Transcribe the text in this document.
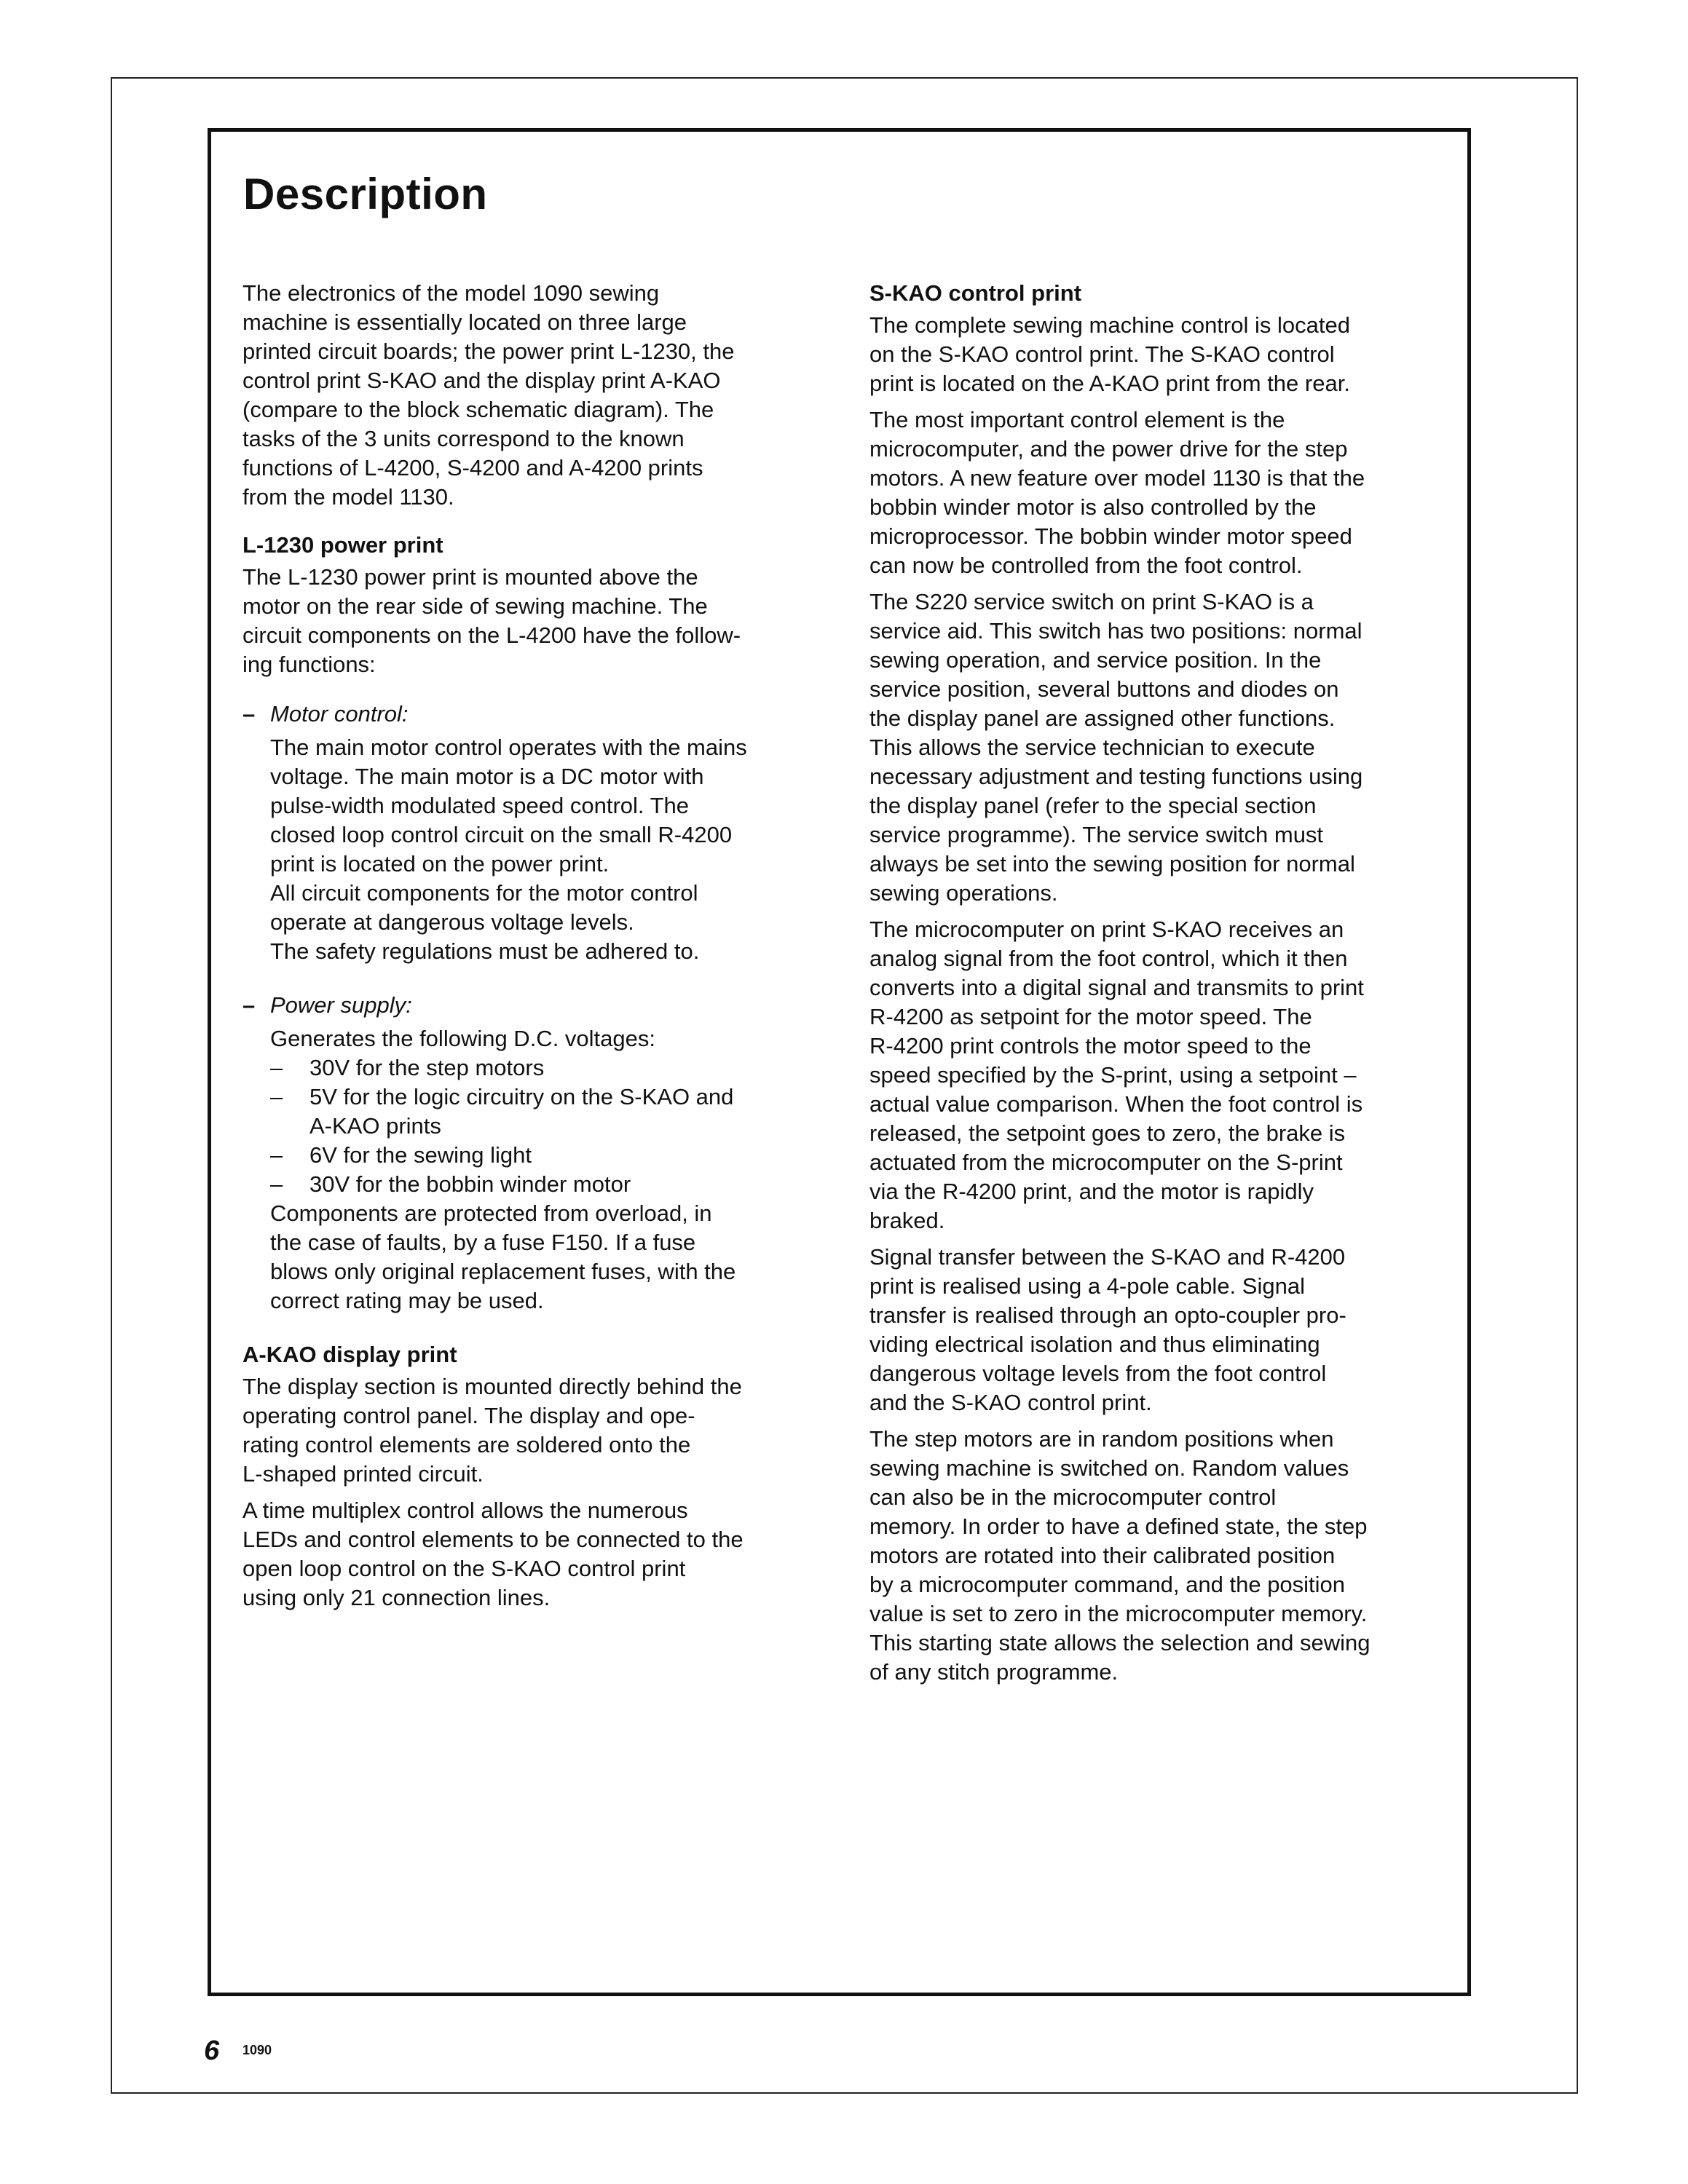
Description

The electronics of the model 1090 sewing
machine is essentially located on three large
printed circuit boards; the power print L-1230, the
control print S-KAO and the display print A-KAO
(compare to the block schematic diagram). The
tasks of the 3 units correspond to the known
functions of L-4200, S-4200 and A-4200 prints
from the model 1130.

L-1230 power print

The L-1230 power print is mounted above the
motor on the rear side of sewing machine. The
circuit components on the L-4200 have the follow-
ing functions:

– Motor control:

The main motor control operates with the mains
voltage. The main motor is a DC motor with
pulse-width modulated speed control. The
closed loop control circuit on the small R-4200
print is located on the power print.

All circuit components for the motor control
operate at dangerous voltage levels.

The safety regulations must be adhered to.

– Power supply:

Generates the following D.C. voltages:

– 30V for the step motors
– 5V for the logic circuitry on the S-KAO and
A-KAO prints
– 6V for the sewing light
– 30V for the bobbin winder motor

Components are protected from overload, in
the case of faults, by a fuse F150. If a fuse
blows only original replacement fuses, with the
correct rating may be used.

A-KAO display print

The display section is mounted directly behind the
operating control panel. The display and ope-
rating control elements are soldered onto the
L-shaped printed circuit.

A time multiplex control allows the numerous
LEDs and control elements to be connected to the
open loop control on the S-KAO control print
using only 21 connection lines.

S-KAO control print

The complete sewing machine control is located
on the S-KAO control print. The S-KAO control
print is located on the A-KAO print from the rear.

The most important control element is the
microcomputer, and the power drive for the step
motors. A new feature over model 1130 is that the
bobbin winder motor is also controlled by the
microprocessor. The bobbin winder motor speed
can now be controlled from the foot control.

The S220 service switch on print S-KAO is a
service aid. This switch has two positions: normal
sewing operation, and service position. In the
service position, several buttons and diodes on
the display panel are assigned other functions.
This allows the service technician to execute
necessary adjustment and testing functions using
the display panel (refer to the special section
service programme). The service switch must
always be set into the sewing position for normal
sewing operations.

The microcomputer on print S-KAO receives an
analog signal from the foot control, which it then
converts into a digital signal and transmits to print
R-4200 as setpoint for the motor speed. The
R-4200 print controls the motor speed to the
speed specified by the S-print, using a setpoint –
actual value comparison. When the foot control is
released, the setpoint goes to zero, the brake is
actuated from the microcomputer on the S-print
via the R-4200 print, and the motor is rapidly
braked.

Signal transfer between the S-KAO and R-4200
print is realised using a 4-pole cable. Signal
transfer is realised through an opto-coupler pro-
viding electrical isolation and thus eliminating
dangerous voltage levels from the foot control
and the S-KAO control print.

The step motors are in random positions when
sewing machine is switched on. Random values
can also be in the microcomputer control
memory. In order to have a defined state, the step
motors are rotated into their calibrated position
by a microcomputer command, and the position
value is set to zero in the microcomputer memory.
This starting state allows the selection and sewing
of any stitch programme.

6 1090
